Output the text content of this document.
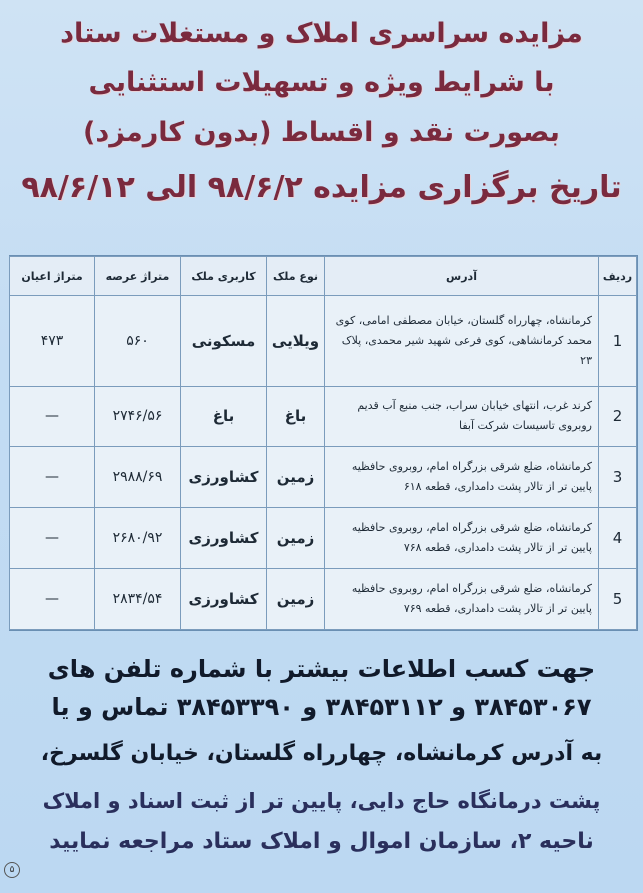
مزایده سراسری املاک و مستغلات ستاد
با شرایط ویژه و تسهیلات استثنایی
بصورت نقد و اقساط (بدون کارمزد)
تاریخ برگزاری مزایده ۹۸/۶/۲ الی ۹۸/۶/۱۲
ردیف	آدرس	نوع ملک	کاربری ملک	متراژ عرصه	متراژ اعیان
1	کرمانشاه، چهارراه گلستان، خیابان مصطفی امامی، کوی محمد کرمانشاهی، کوی فرعی شهید شیر محمدی، پلاک ۲۳	ویلایی	مسکونی	۵۶۰	۴۷۳
2	کرند غرب، انتهای خیابان سراب، جنب منبع آب قدیم روبروی تاسیسات شرکت آبفا	باغ	باغ	۲۷۴۶/۵۶	—
3	کرمانشاه، ضلع شرقی بزرگراه امام، روبروی حافظیه پایین تر از تالار پشت دامداری، قطعه ۶۱۸	زمین	کشاورزی	۲۹۸۸/۶۹	—
4	کرمانشاه، ضلع شرقی بزرگراه امام، روبروی حافظیه پایین تر از تالار پشت دامداری، قطعه ۷۶۸	زمین	کشاورزی	۲۶۸۰/۹۲	—
5	کرمانشاه، ضلع شرقی بزرگراه امام، روبروی حافظیه پایین تر از تالار پشت دامداری، قطعه ۷۶۹	زمین	کشاورزی	۲۸۳۴/۵۴	—
جهت کسب اطلاعات بیشتر با شماره تلفن های
۳۸۴۵۳۰۶۷ و ۳۸۴۵۳۱۱۲ و ۳۸۴۵۳۳۹۰ تماس و یا
به آدرس کرمانشاه، چهارراه گلستان، خیابان گلسرخ،
پشت درمانگاه حاج دایی، پایین تر از ثبت اسناد و املاک
ناحیه ۲، سازمان اموال و املاک ستاد مراجعه نمایید
۵
